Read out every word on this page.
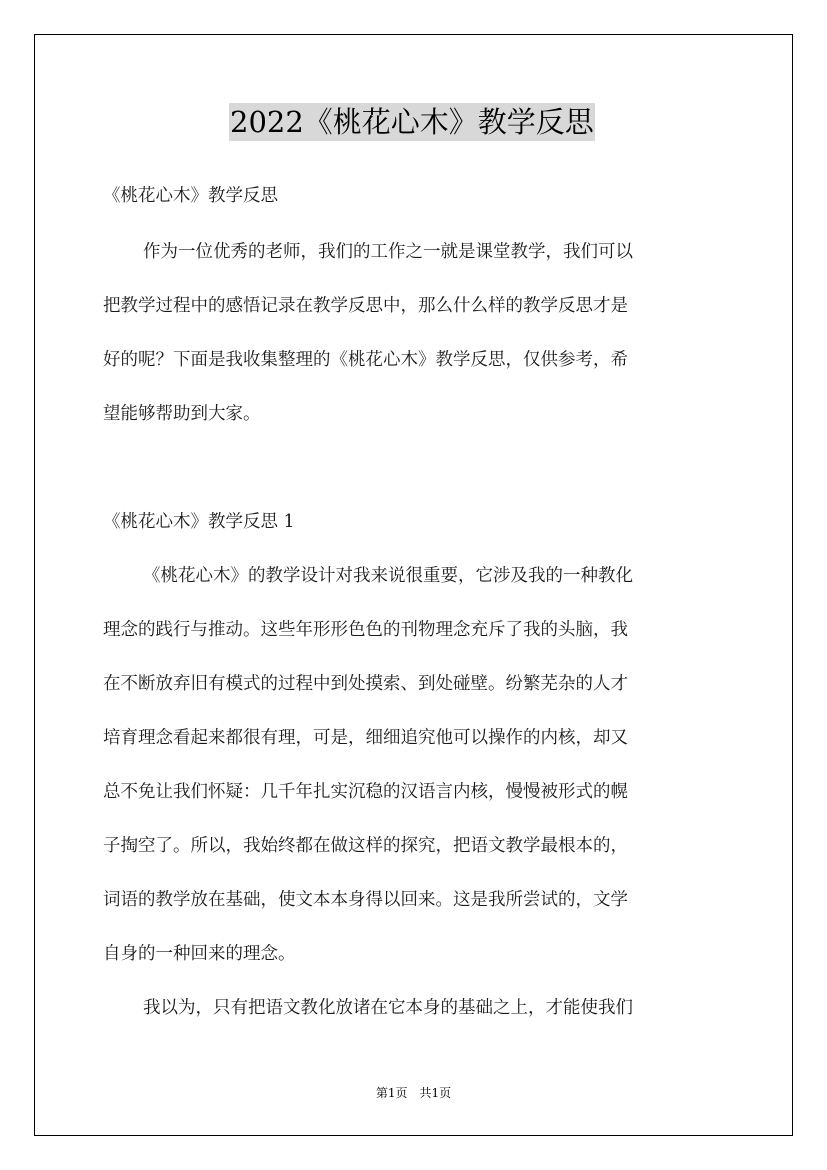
2022《桃花心木》教学反思
《桃花心木》教学反思
作为一位优秀的老师，我们的工作之一就是课堂教学，我们可以
把教学过程中的感悟记录在教学反思中，那么什么样的教学反思才是
好的呢？下面是我收集整理的《桃花心木》教学反思，仅供参考，希
望能够帮助到大家。
《桃花心木》教学反思 1
《桃花心木》的教学设计对我来说很重要，它涉及我的一种教化
理念的践行与推动。这些年形形色色的刊物理念充斥了我的头脑，我
在不断放弃旧有模式的过程中到处摸索、到处碰壁。纷繁芜杂的人才
培育理念看起来都很有理，可是，细细追究他可以操作的内核，却又
总不免让我们怀疑：几千年扎实沉稳的汉语言内核，慢慢被形式的幌
子掏空了。所以，我始终都在做这样的探究，把语文教学最根本的，
词语的教学放在基础，使文本本身得以回来。这是我所尝试的，文学
自身的一种回来的理念。
我以为，只有把语文教化放诸在它本身的基础之上，才能使我们
第1页　共1页
